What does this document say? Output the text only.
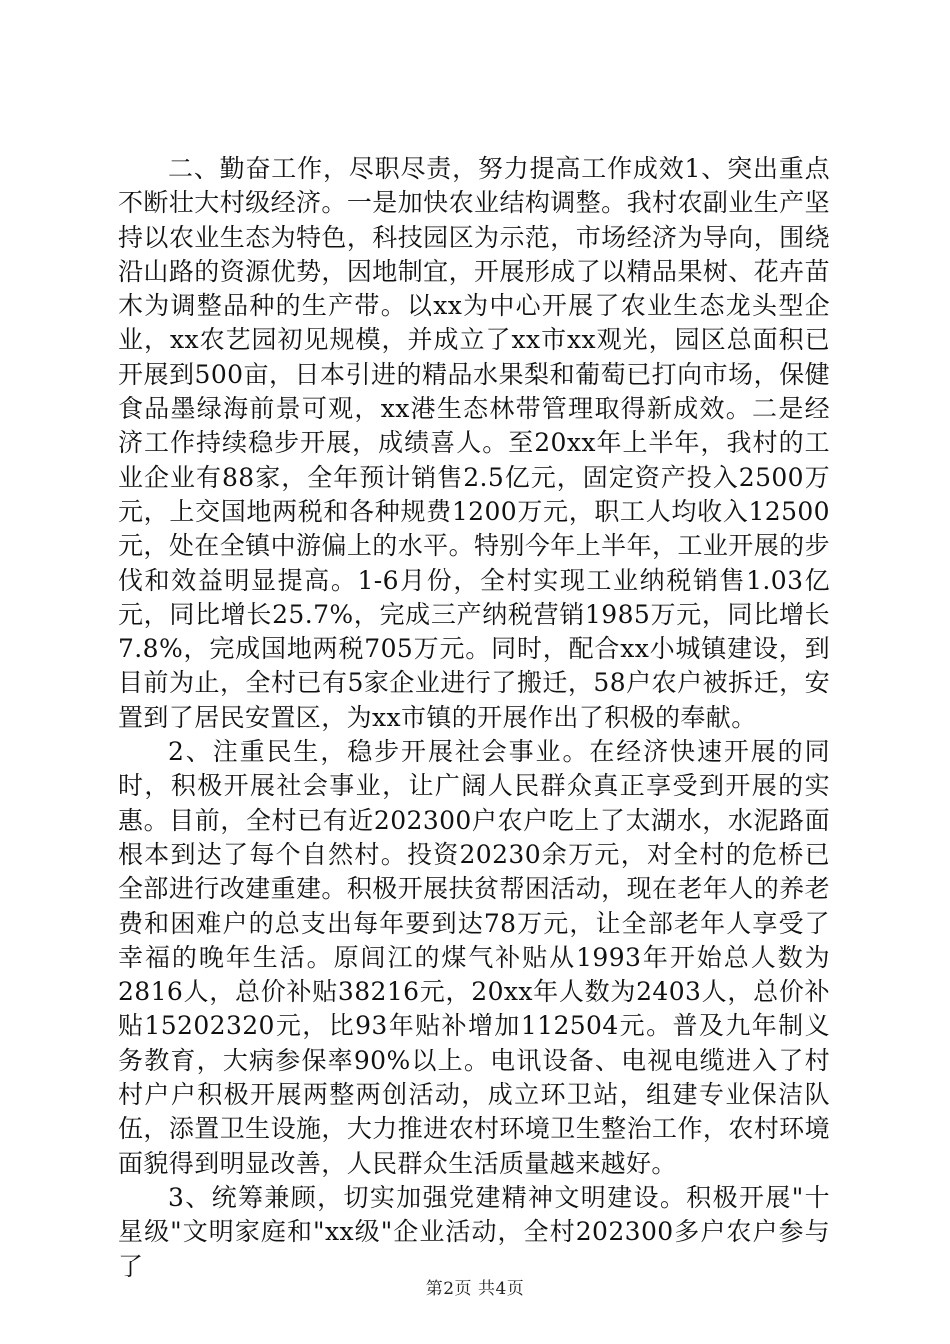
二、勤奋工作，尽职尽责，努力提高工作成效1、突出重点不断壮大村级经济。一是加快农业结构调整。我村农副业生产坚持以农业生态为特色，科技园区为示范，市场经济为导向，围绕沿山路的资源优势，因地制宜，开展形成了以精品果树、花卉苗木为调整品种的生产带。以xx为中心开展了农业生态龙头型企业，xx农艺园初见规模，并成立了xx市xx观光，园区总面积已开展到500亩，日本引进的精品水果梨和葡萄已打向市场，保健食品墨绿海前景可观，xx港生态林带管理取得新成效。二是经济工作持续稳步开展，成绩喜人。至20xx年上半年，我村的工业企业有88家，全年预计销售2.5亿元，固定资产投入2500万元，上交国地两税和各种规费1200万元，职工人均收入12500元，处在全镇中游偏上的水平。特别今年上半年，工业开展的步伐和效益明显提高。1-6月份，全村实现工业纳税销售1.03亿元，同比增长25.7%，完成三产纳税营销1985万元，同比增长7.8%，完成国地两税705万元。同时，配合xx小城镇建设，到目前为止，全村已有5家企业进行了搬迁，58户农户被拆迁，安置到了居民安置区，为xx市镇的开展作出了积极的奉献。

2、注重民生，稳步开展社会事业。在经济快速开展的同时，积极开展社会事业，让广阔人民群众真正享受到开展的实惠。目前，全村已有近202300户农户吃上了太湖水，水泥路面根本到达了每个自然村。投资20230余万元，对全村的危桥已全部进行改建重建。积极开展扶贫帮困活动，现在老年人的养老费和困难户的总支出每年要到达78万元，让全部老年人享受了幸福的晚年生活。原闾江的煤气补贴从1993年开始总人数为2816人，总价补贴38216元，20xx年人数为2403人，总价补贴15202320元，比93年贴补增加112504元。普及九年制义务教育，大病参保率90%以上。电讯设备、电视电缆进入了村村户户积极开展两整两创活动，成立环卫站，组建专业保洁队伍，添置卫生设施，大力推进农村环境卫生整治工作，农村环境面貌得到明显改善，人民群众生活质量越来越好。

3、统筹兼顾，切实加强党建精神文明建设。积极开展"十星级"文明家庭和"xx级"企业活动，全村202300多户农户参与了

第2页 共4页
